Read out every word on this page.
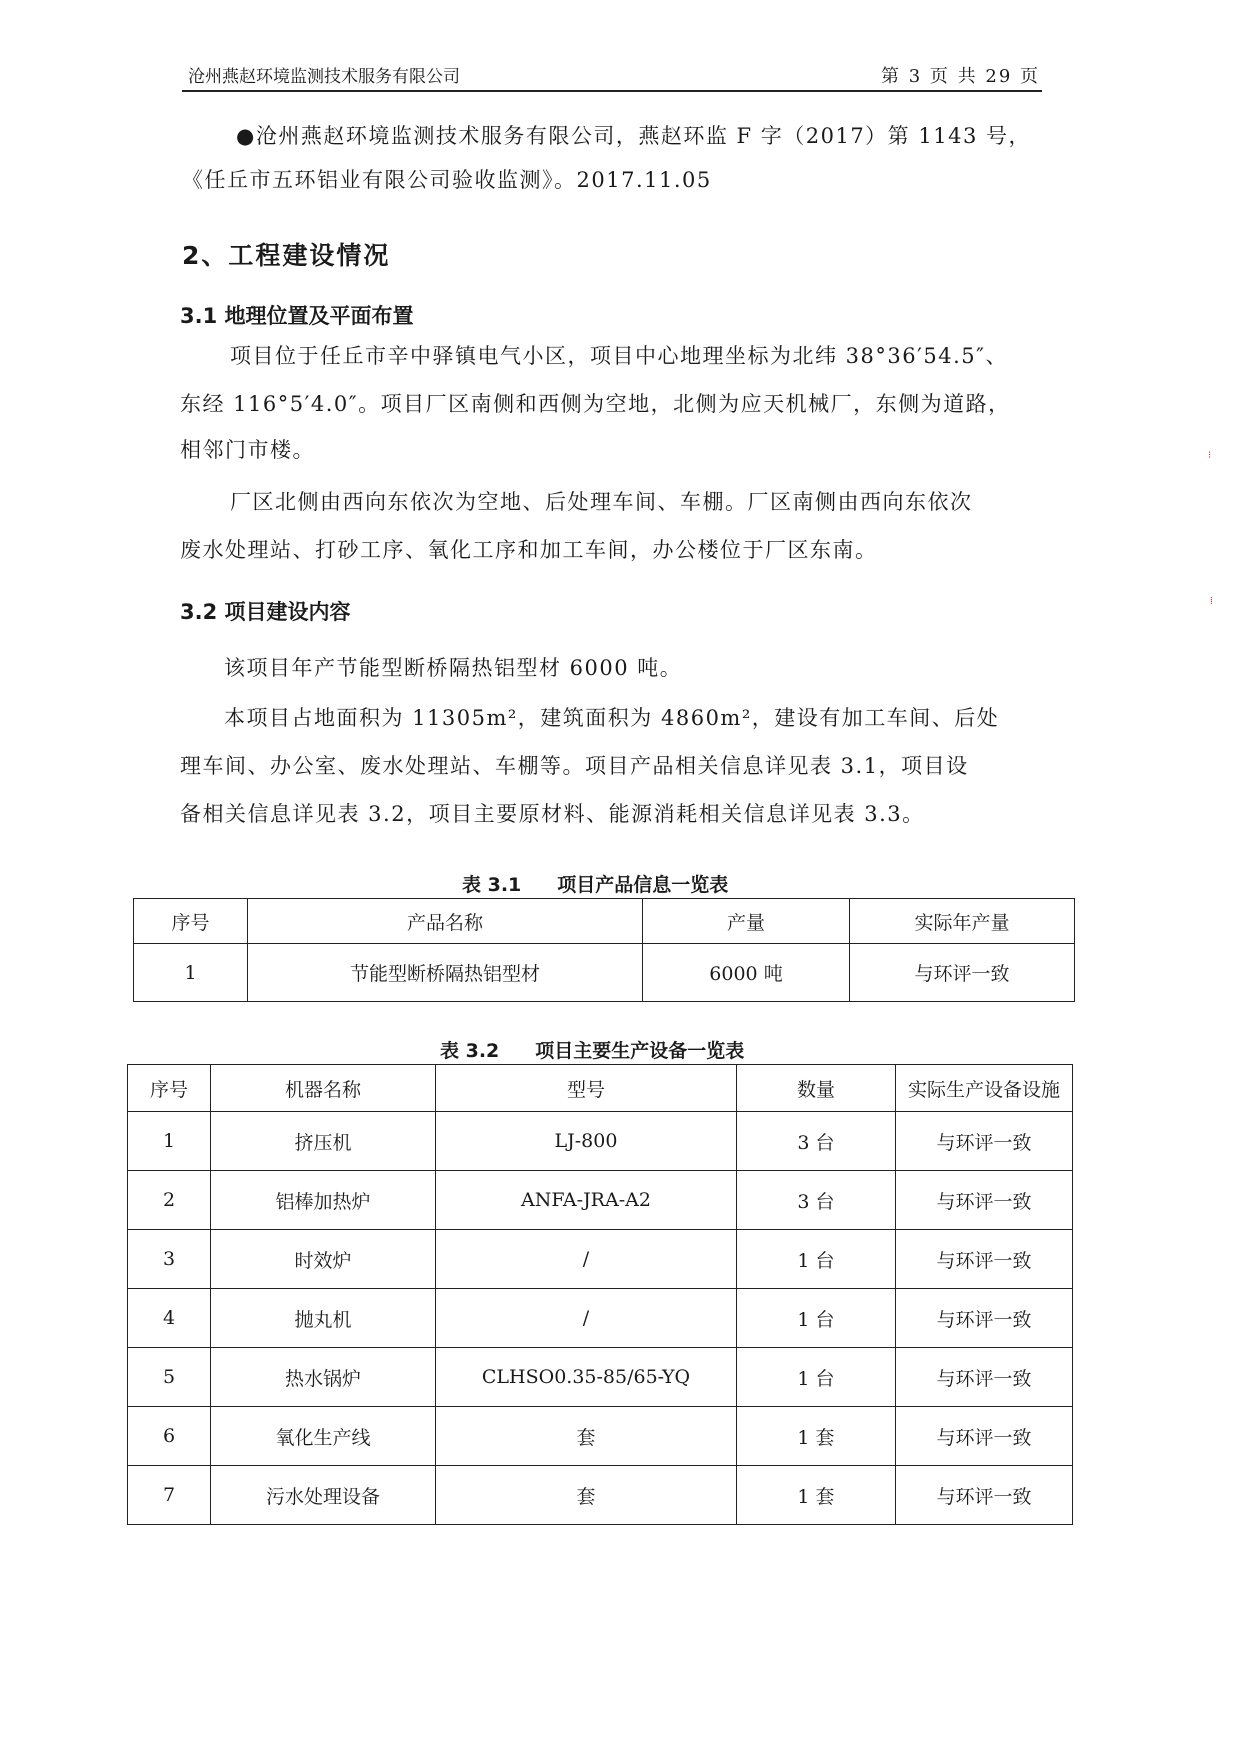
沧州燕赵环境监测技术服务有限公司	第 3 页 共 29 页
●沧州燕赵环境监测技术服务有限公司，燕赵环监 F 字（2017）第 1143 号，
《任丘市五环铝业有限公司验收监测》。2017.11.05
2、工程建设情况
3.1 地理位置及平面布置
项目位于任丘市辛中驿镇电气小区，项目中心地理坐标为北纬 38°36′54.5″、
东经 116°5′4.0″。项目厂区南侧和西侧为空地，北侧为应天机械厂，东侧为道路，
相邻门市楼。
厂区北侧由西向东依次为空地、后处理车间、车棚。厂区南侧由西向东依次
废水处理站、打砂工序、氧化工序和加工车间，办公楼位于厂区东南。
3.2 项目建设内容
该项目年产节能型断桥隔热铝型材 6000 吨。
本项目占地面积为 11305m²，建筑面积为 4860m²，建设有加工车间、后处
理车间、办公室、废水处理站、车棚等。项目产品相关信息详见表 3.1，项目设
备相关信息详见表 3.2，项目主要原材料、能源消耗相关信息详见表 3.3。
表 3.1 项目产品信息一览表
序号	产品名称	产量	实际年产量
1	节能型断桥隔热铝型材	6000 吨	与环评一致
表 3.2 项目主要生产设备一览表
序号	机器名称	型号	数量	实际生产设备设施
1	挤压机	LJ-800	3 台	与环评一致
2	铝棒加热炉	ANFA-JRA-A2	3 台	与环评一致
3	时效炉	/	1 台	与环评一致
4	抛丸机	/	1 台	与环评一致
5	热水锅炉	CLHSO0.35-85/65-YQ	1 台	与环评一致
6	氧化生产线	套	1 套	与环评一致
7	污水处理设备	套	1 套	与环评一致
⁝
⁞
